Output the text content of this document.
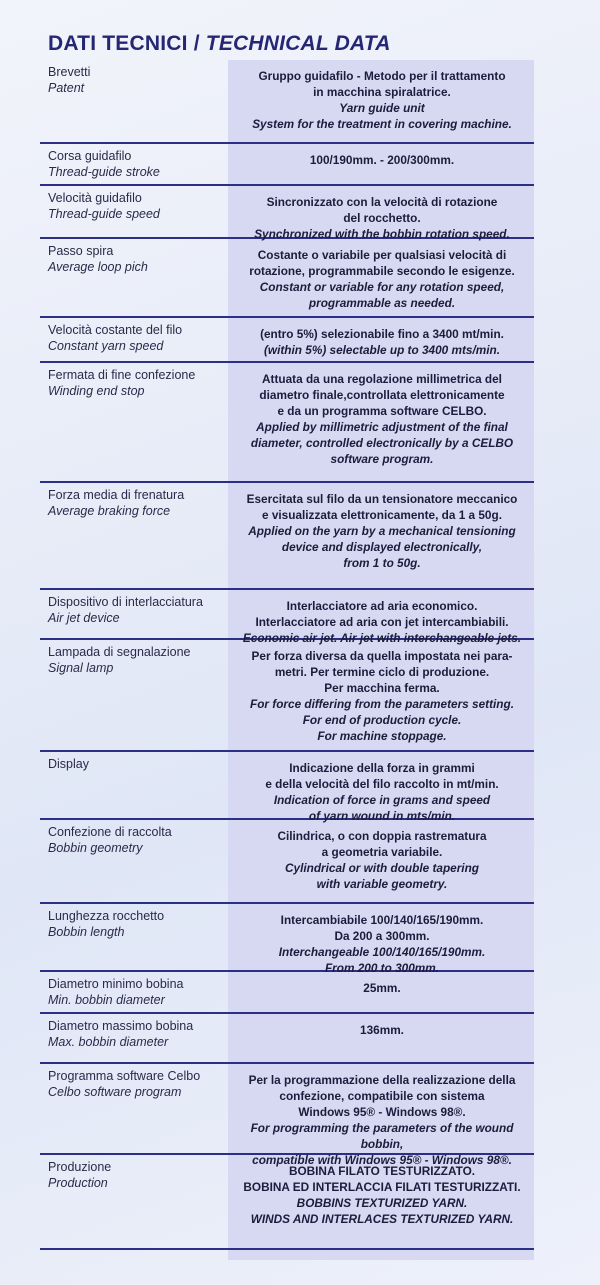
DATI TECNICI / TECHNICAL DATA
Brevetti
Patent
Gruppo guidafilo - Metodo per il trattamento
in macchina spiralatrice.
Yarn guide unit
System for the treatment in covering machine.
Corsa guidafilo
Thread-guide stroke
100/190mm. - 200/300mm.
Velocità guidafilo
Thread-guide speed
Sincronizzato con la velocità di rotazione
del rocchetto.
Synchronized with the bobbin rotation speed.
Passo spira
Average loop pich
Costante o variabile per qualsiasi velocità di
rotazione, programmabile secondo le esigenze.
Constant or variable for any rotation speed,
programmable as needed.
Velocità costante del filo
Constant yarn speed
(entro 5%) selezionabile fino a 3400 mt/min.
(within 5%) selectable up to 3400 mts/min.
Fermata di fine confezione
Winding end stop
Attuata da una regolazione millimetrica del
diametro finale,controllata elettronicamente
e da un programma software CELBO.
Applied by millimetric adjustment of the final
diameter, controlled electronically by a CELBO
software program.
Forza media di frenatura
Average braking force
Esercitata sul filo da un tensionatore meccanico
e visualizzata elettronicamente, da 1 a 50g.
Applied on the yarn by a mechanical tensioning
device and displayed electronically,
from 1 to 50g.
Dispositivo di interlacciatura
Air jet device
Interlacciatore ad aria economico.
Interlacciatore ad aria con jet intercambiabili.
Economic air jet. Air jet with interchangeable jets.
Lampada di segnalazione
Signal lamp
Per forza diversa da quella impostata nei para-
metri. Per termine ciclo di produzione.
Per macchina ferma.
For force differing from the parameters setting.
For end of production cycle.
For machine stoppage.
Display	Indicazione della forza in grammi
e della velocità del filo raccolto in mt/min.
Indication of force in grams and speed
of yarn wound in mts/min.
Confezione di raccolta
Bobbin geometry
Cilindrica, o con doppia rastrematura
a geometria variabile.
Cylindrical or with double tapering
with variable geometry.
Lunghezza rocchetto
Bobbin length
Intercambiabile 100/140/165/190mm.
Da 200 a 300mm.
Interchangeable 100/140/165/190mm.
From 200 to 300mm.
Diametro minimo bobina
Min. bobbin diameter
25mm.
Diametro massimo bobina
Max. bobbin diameter
136mm.
Programma software Celbo
Celbo software program
Per la programmazione della realizzazione della
confezione, compatibile con sistema
Windows 95® - Windows 98®.
For programming the parameters of the wound bobbin,
compatible with Windows 95® - Windows 98®.
Produzione
Production
BOBINA FILATO TESTURIZZATO.
BOBINA ED INTERLACCIA FILATI TESTURIZZATI.
BOBBINS TEXTURIZED YARN.
WINDS AND INTERLACES TEXTURIZED YARN.
